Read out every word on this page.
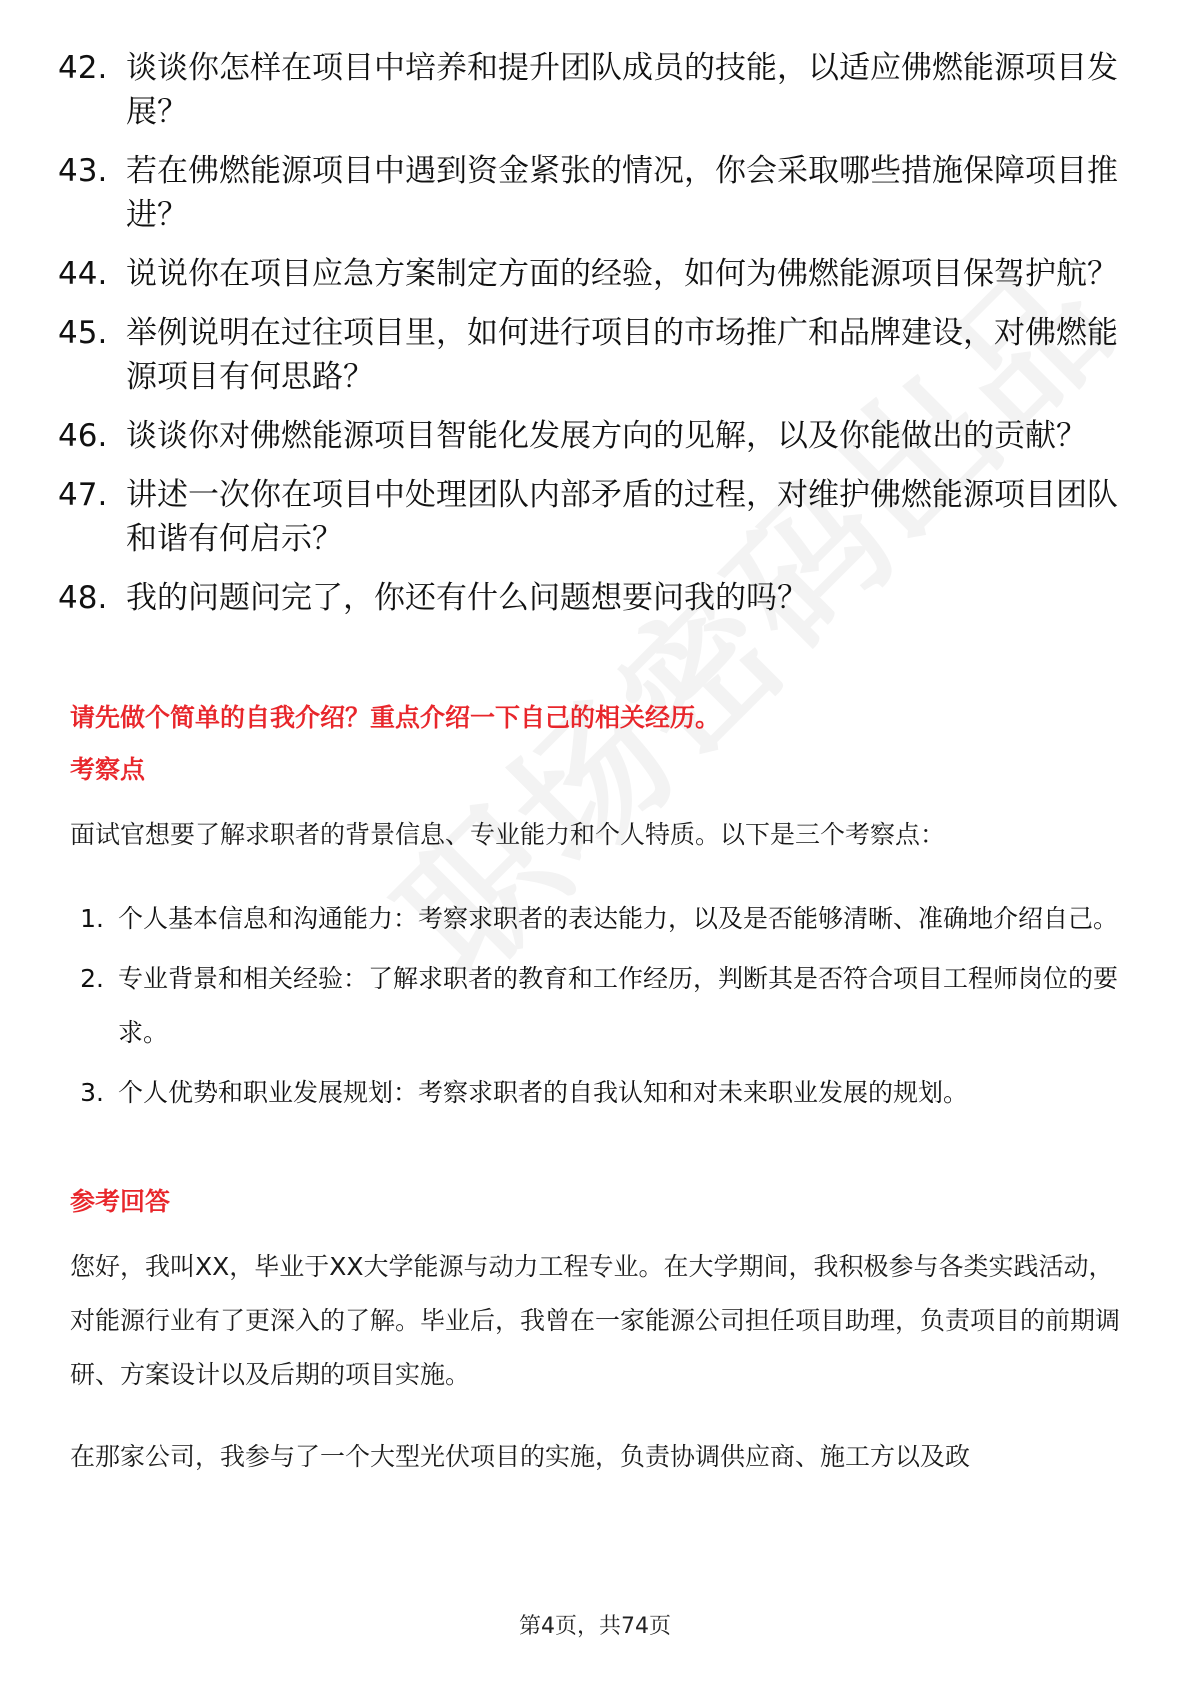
42. 谈谈你怎样在项目中培养和提升团队成员的技能，以适应佛燃能源项目发展？
43. 若在佛燃能源项目中遇到资金紧张的情况，你会采取哪些措施保障项目推进？
44. 说说你在项目应急方案制定方面的经验，如何为佛燃能源项目保驾护航？
45. 举例说明在过往项目里，如何进行项目的市场推广和品牌建设，对佛燃能源项目有何思路？
46. 谈谈你对佛燃能源项目智能化发展方向的见解，以及你能做出的贡献？
47. 讲述一次你在项目中处理团队内部矛盾的过程，对维护佛燃能源项目团队和谐有何启示？
48. 我的问题问完了，你还有什么问题想要问我的吗？
请先做个简单的自我介绍？重点介绍一下自己的相关经历。
考察点
面试官想要了解求职者的背景信息、专业能力和个人特质。以下是三个考察点：
1. 个人基本信息和沟通能力：考察求职者的表达能力，以及是否能够清晰、准确地介绍自己。
2. 专业背景和相关经验：了解求职者的教育和工作经历，判断其是否符合项目工程师岗位的要求。
3. 个人优势和职业发展规划：考察求职者的自我认知和对未来职业发展的规划。
参考回答
您好，我叫XX，毕业于XX大学能源与动力工程专业。在大学期间，我积极参与各类实践活动，对能源行业有了更深入的了解。毕业后，我曾在一家能源公司担任项目助理，负责项目的前期调研、方案设计以及后期的项目实施。
在那家公司，我参与了一个大型光伏项目的实施，负责协调供应商、施工方以及政
第4页，共74页
